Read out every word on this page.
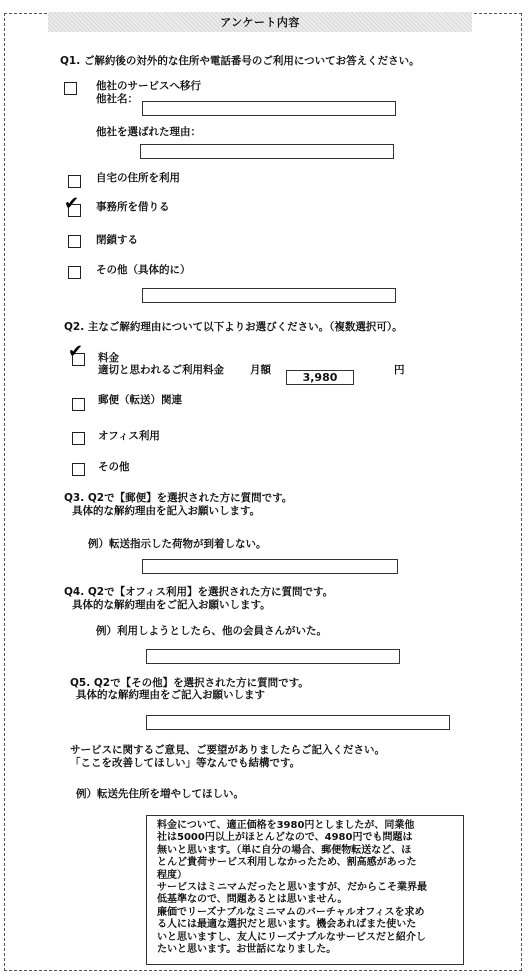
アンケート内容
Q1. ご解約後の対外的な住所や電話番号のご利用についてお答えください。
他社のサービスへ移行
他社名：
他社を選ばれた理由：
自宅の住所を利用
✔ 事務所を借りる
閉鎖する
その他（具体的に）
Q2. 主なご解約理由について以下よりお選びください。（複数選択可）。
✔ 料金
適切と思われるご利用料金 月額
3,980
円
郵便（転送）関連
オフィス利用
その他
Q3. Q2で【郵便】を選択された方に質問です。
具体的な解約理由を記入お願いします。
例）転送指示した荷物が到着しない。
Q4. Q2で【オフィス利用】を選択された方に質問です。
具体的な解約理由をご記入お願いします。
例）利用しようとしたら、他の会員さんがいた。
Q5. Q2で【その他】を選択された方に質問です。
具体的な解約理由をご記入お願いします
サービスに関するご意見、ご要望がありましたらご記入ください。
「ここを改善してほしい」等なんでも結構です。
例）転送先住所を増やしてほしい。

料金について、適正価格を3980円としましたが、同業他

社は5000円以上がほとんどなので、4980円でも問題は

無いと思います。（単に自分の場合、郵便物転送など、ほ

とんど貴荷サービス利用しなかったため、割高感があった

程度）

サービスはミニマムだったと思いますが、だからこそ業界最

低基準なので、問題あるとは思いません。

廉価でリーズナブルなミニマムのバーチャルオフィスを求め

る人には最適な選択だと思います。機会あればまた使いた

いと思いますし、友人にリーズナブルなサービスだと紹介し

たいと思います。お世話になりました。
